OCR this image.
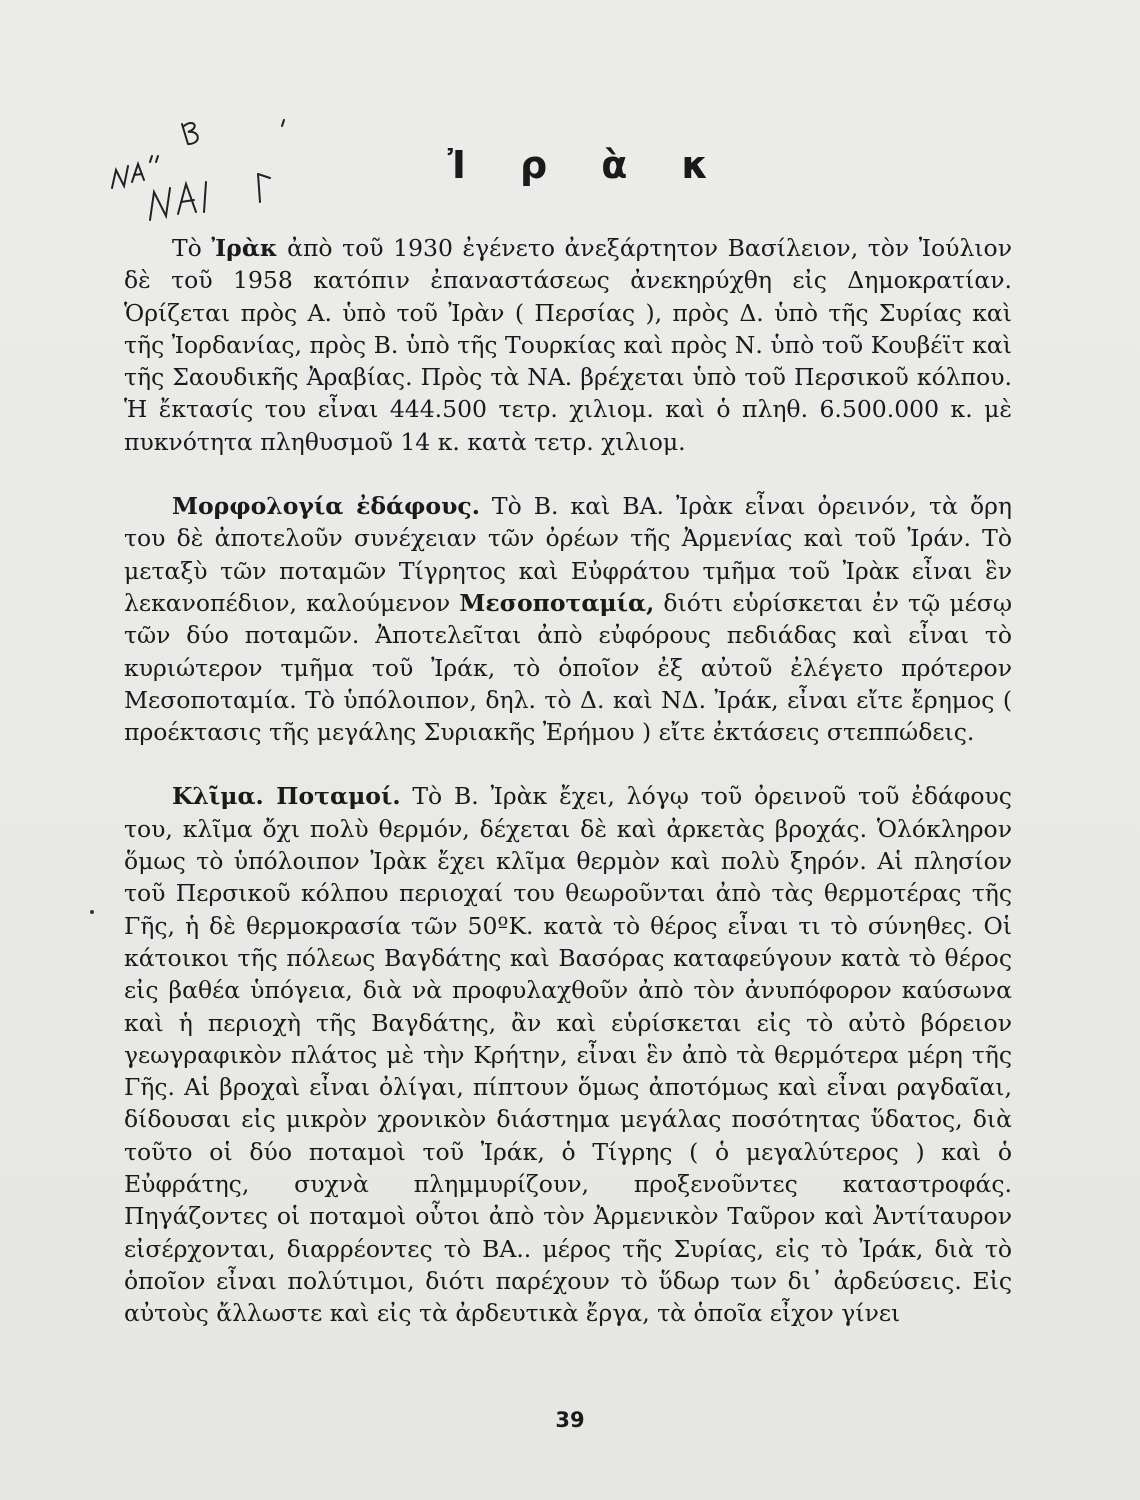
Ἰρὰκ

Τὸ Ἰρὰκ ἀπὸ τοῦ 1930 ἐγένετο ἀνεξάρτητον Βασίλειον, τὸν Ἰούλιον δὲ τοῦ 1958 κατόπιν ἐπαναστάσεως ἀνεκηρύχθη εἰς Δημοκρατίαν. Ὁρίζεται πρὸς Α. ὑπὸ τοῦ Ἰρὰν ( Περσίας ), πρὸς Δ. ὑπὸ τῆς Συρίας καὶ τῆς Ἰορδανίας, πρὸς Β. ὑπὸ τῆς Τουρκίας καὶ πρὸς Ν. ὑπὸ τοῦ Κουβέϊτ καὶ τῆς Σαουδικῆς Ἀραβίας. Πρὸς τὰ ΝΑ. βρέχεται ὑπὸ τοῦ Περσικοῦ κόλπου. Ἡ ἔκτασίς του εἶναι 444.500 τετρ. χιλιομ. καὶ ὁ πληθ. 6.500.000 κ. μὲ πυκνότητα πληθυσμοῦ 14 κ. κατὰ τετρ. χιλιομ.

Μορφολογία ἐδάφους. Τὸ Β. καὶ ΒΑ. Ἰρὰκ εἶναι ὀρεινόν, τὰ ὄρη του δὲ ἀποτελοῦν συνέχειαν τῶν ὀρέων τῆς Ἀρμενίας καὶ τοῦ Ἰράν. Τὸ μεταξὺ τῶν ποταμῶν Τίγρητος καὶ Εὐφράτου τμῆμα τοῦ Ἰρὰκ εἶναι ἓν λεκανοπέδιον, καλούμενον Μεσοποταμία, διότι εὑρίσκεται ἐν τῷ μέσῳ τῶν δύο ποταμῶν. Ἀποτελεῖται ἀπὸ εὐφόρους πεδιάδας καὶ εἶναι τὸ κυριώτερον τμῆμα τοῦ Ἰράκ, τὸ ὁποῖον ἐξ αὐτοῦ ἐλέγετο πρότερον Μεσοποταμία. Τὸ ὑπόλοιπον, δηλ. τὸ Δ. καὶ ΝΔ. Ἰράκ, εἶναι εἴτε ἔρημος ( προέκτασις τῆς μεγάλης Συριακῆς Ἐρήμου ) εἴτε ἐκτάσεις στεππώδεις.

Κλῖμα. Ποταμοί. Τὸ Β. Ἰρὰκ ἔχει, λόγῳ τοῦ ὀρεινοῦ τοῦ ἐδάφους του, κλῖμα ὄχι πολὺ θερμόν, δέχεται δὲ καὶ ἀρκετὰς βροχάς. Ὁλόκληρον ὅμως τὸ ὑπόλοιπον Ἰρὰκ ἔχει κλῖμα θερμὸν καὶ πολὺ ξηρόν. Αἱ πλησίον τοῦ Περσικοῦ κόλπου περιοχαί του θεωροῦνται ἀπὸ τὰς θερμοτέρας τῆς Γῆς, ἡ δὲ θερμοκρασία τῶν 50ºΚ. κατὰ τὸ θέρος εἶναι τι τὸ σύνηθες. Οἱ κάτοικοι τῆς πόλεως Βαγδάτης καὶ Βασόρας καταφεύγουν κατὰ τὸ θέρος εἰς βαθέα ὑπόγεια, διὰ νὰ προφυλαχθοῦν ἀπὸ τὸν ἀνυπόφορον καύσωνα καὶ ἡ περιοχὴ τῆς Βαγδάτης, ἂν καὶ εὑρίσκεται εἰς τὸ αὐτὸ βόρειον γεωγραφικὸν πλάτος μὲ τὴν Κρήτην, εἶναι ἓν ἀπὸ τὰ θερμότερα μέρη τῆς Γῆς. Αἱ βροχαὶ εἶναι ὀλίγαι, πίπτουν ὅμως ἀποτόμως καὶ εἶναι ραγδαῖαι, δίδουσαι εἰς μικρὸν χρονικὸν διάστημα μεγάλας ποσότητας ὕδατος, διὰ τοῦτο οἱ δύο ποταμοὶ τοῦ Ἰράκ, ὁ Τίγρης ( ὁ μεγαλύτερος ) καὶ ὁ Εὐφράτης, συχνὰ πλημμυρίζουν, προξενοῦντες καταστροφάς. Πηγάζοντες οἱ ποταμοὶ οὗτοι ἀπὸ τὸν Ἀρμενικὸν Ταῦρον καὶ Ἀντίταυρον εἰσέρχονται, διαρρέοντες τὸ ΒΑ.. μέρος τῆς Συρίας, εἰς τὸ Ἰράκ, διὰ τὸ ὁποῖον εἶναι πολύτιμοι, διότι παρέχουν τὸ ὕδωρ των δι᾿ ἀρδεύσεις. Εἰς αὐτοὺς ἄλλωστε καὶ εἰς τὰ ἀρδευτικὰ ἔργα, τὰ ὁποῖα εἶχον γίνει

39
